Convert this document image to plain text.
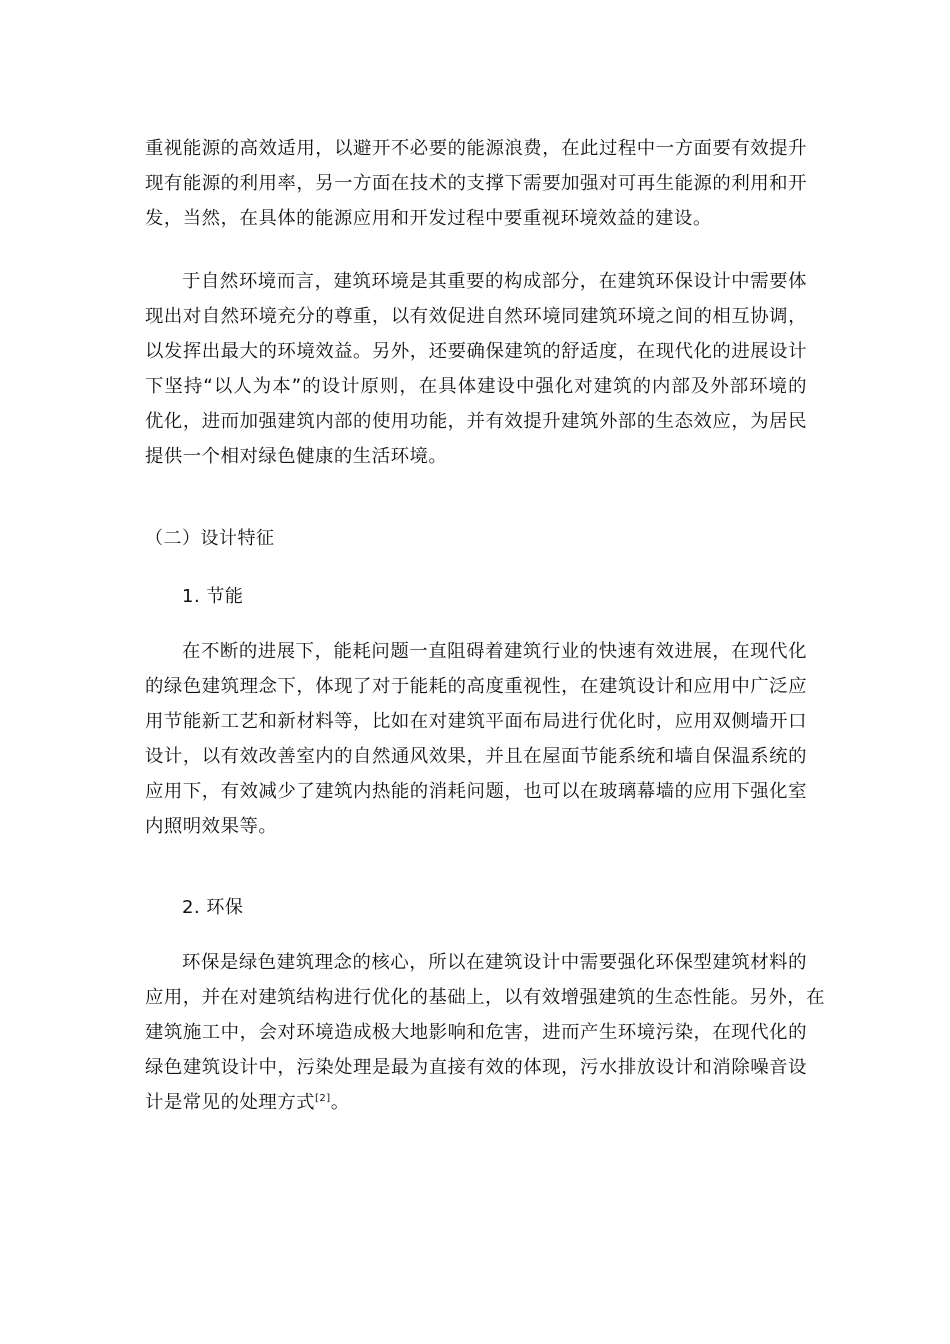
重视能源的高效适用，以避开不必要的能源浪费，在此过程中一方面要有效提升
现有能源的利用率，另一方面在技术的支撑下需要加强对可再生能源的利用和开
发，当然，在具体的能源应用和开发过程中要重视环境效益的建设。
于自然环境而言，建筑环境是其重要的构成部分，在建筑环保设计中需要体
现出对自然环境充分的尊重，以有效促进自然环境同建筑环境之间的相互协调，
以发挥出最大的环境效益。另外，还要确保建筑的舒适度，在现代化的进展设计
下坚持“以人为本”的设计原则，在具体建设中强化对建筑的内部及外部环境的
优化，进而加强建筑内部的使用功能，并有效提升建筑外部的生态效应，为居民
提供一个相对绿色健康的生活环境。
（二）设计特征
1. 节能
在不断的进展下，能耗问题一直阻碍着建筑行业的快速有效进展，在现代化
的绿色建筑理念下，体现了对于能耗的高度重视性，在建筑设计和应用中广泛应
用节能新工艺和新材料等，比如在对建筑平面布局进行优化时，应用双侧墙开口
设计，以有效改善室内的自然通风效果，并且在屋面节能系统和墙自保温系统的
应用下，有效减少了建筑内热能的消耗问题，也可以在玻璃幕墙的应用下强化室
内照明效果等。
2. 环保
环保是绿色建筑理念的核心，所以在建筑设计中需要强化环保型建筑材料的
应用，并在对建筑结构进行优化的基础上，以有效增强建筑的生态性能。另外，在
建筑施工中，会对环境造成极大地影响和危害，进而产生环境污染，在现代化的
绿色建筑设计中，污染处理是最为直接有效的体现，污水排放设计和消除噪音设
计是常见的处理方式[2]。
